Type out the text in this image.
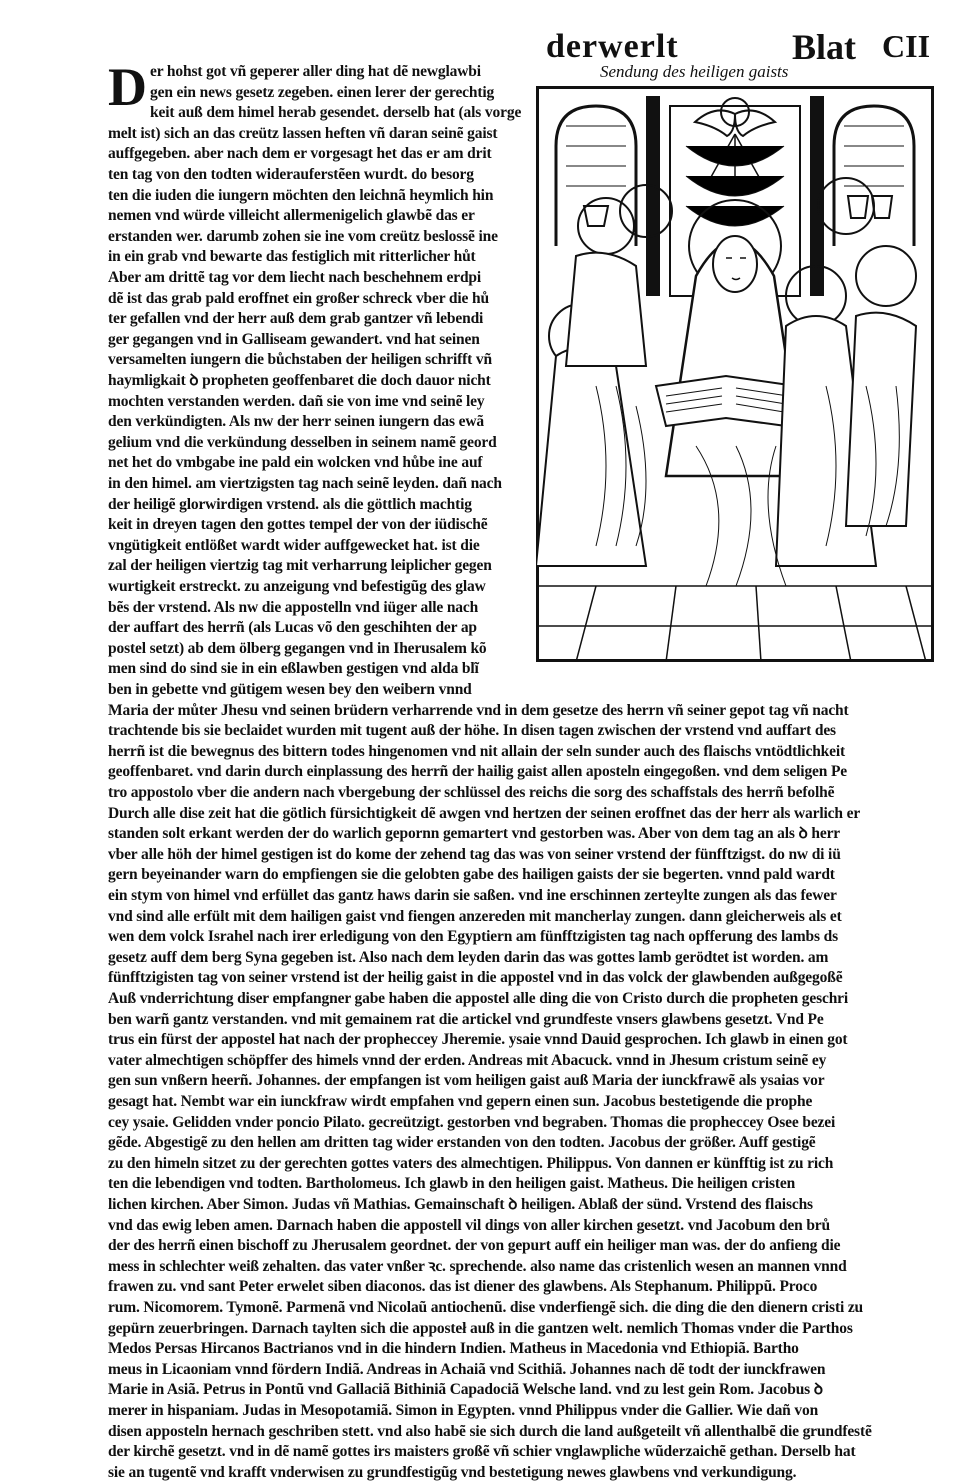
derwerlt	Blat CII
Sendung des heiligen gaists
D er hohst got vñ geperer aller ding hat dẽ newglawbi
gen ein news gesetz zegeben. einen lerer der gerechtig
keit auß dem himel herab gesendet. derselb hat (als vorge
melt ist) sich an das creütz lassen heften vñ daran seinẽ gaist
auffgegeben. aber nach dem er vorgesagt het das er am drit
ten tag von den todten widerauferstẽen wurdt. do besorg
ten die iuden die iungern möchten den leichnã heymlich hin
nemen vnd würde villeicht allermenigelich glawbẽ das er
erstanden wer. darumb zohen sie ine vom creütz beslossẽ ine
in ein grab vnd bewarte das festiglich mit ritterlicher hůt
Aber am drittẽ tag vor dem liecht nach beschehnem erdpi
dẽ ist das grab pald eroffnet ein großer schreck vber die hů
ter gefallen vnd der herr auß dem grab gantzer vñ lebendi
ger gegangen vnd in Galliseam gewandert. vnd hat seinen
versamelten iungern die bůchstaben der heiligen schrifft vñ
haymligkait ꝺ propheten geoffenbaret die doch dauor nicht
mochten verstanden werden. dañ sie von ime vnd seinẽ ley
den verkündigten. Als nw der herr seinen iungern das ewã
gelium vnd die verkündung desselben in seinem namẽ geord
net het do vmbgabe ine pald ein wolcken vnd hůbe ine auf
in den himel. am viertzigsten tag nach seinẽ leyden. dañ nach
der heiligẽ glorwirdigen vrstend. als die göttlich machtig
keit in dreyen tagen den gottes tempel der von der iüdischẽ
vngütigkeit entlößet wardt wider auffgewecket hat. ist die
zal der heiligen viertzig tag mit verharrung leiplicher gegen
wurtigkeit erstreckt. zu anzeigung vnd befestigũg des glaw
bẽs der vrstend. Als nw die appostelln vnd iüger alle nach
der auffart des herrñ (als Lucas võ den geschihten der ap
postel setzt) ab dem ölberg gegangen vnd in Iherusalem kõ
men sind do sind sie in ein eßlawben gestigen vnd alda blĩ
ben in gebette vnd gütigem wesen bey den weibern vnnd
Maria der můter Jhesu vnd seinen brüdern verharrende vnd in dem gesetze des herrn vñ seiner gepot tag vñ nacht
trachtende bis sie beclaidet wurden mit tugent auß der höhe. In disen tagen zwischen der vrstend vnd auffart des
herrñ ist die bewegnus des bittern todes hingenomen vnd nit allain der seln sunder auch des flaischs vntödtlichkeit
geoffenbaret. vnd darin durch einplassung des herrñ der hailig gaist allen aposteln eingegoßen. vnd dem seligen Pe
tro appostolo vber die andern nach vbergebung der schlüssel des reichs die sorg des schaffstals des herrñ befolhẽ
Durch alle dise zeit hat die götlich fürsichtigkeit dẽ awgen vnd hertzen der seinen eroffnet das der herr als warlich er
standen solt erkant werden der do warlich gepornn gemartert vnd gestorben was. Aber von dem tag an als ꝺ herr
vber alle höh der himel gestigen ist do kome der zehend tag das was von seiner vrstend der fünfftzigst. do nw di iü
gern beyeinander warn do empfiengen sie die gelobten gabe des hailigen gaists der sie begerten. vnnd pald wardt
ein stym von himel vnd erfüllet das gantz haws darin sie saßen. vnd ine erschinnen zerteylte zungen als das fewer
vnd sind alle erfült mit dem hailigen gaist vnd fiengen anzereden mit mancherlay zungen. dann gleicherweis als et
wen dem volck Israhel nach irer erledigung von den Egyptiern am fünfftzigisten tag nach opfferung des lambs ds
gesetz auff dem berg Syna gegeben ist. Also nach dem leyden darin das was gottes lamb gerödtet ist worden. am
fünfftzigisten tag von seiner vrstend ist der heilig gaist in die appostel vnd in das volck der glawbenden außgegoßẽ
Auß vnderrichtung diser empfangner gabe haben die appostel alle ding die von Cristo durch die propheten geschri
ben warñ gantz verstanden. vnd mit gemainem rat die artickel vnd grundfeste vnsers glawbens gesetzt. Vnd Pe
trus ein fürst der appostel hat nach der propheccey Jheremie. ysaie vnnd Dauid gesprochen. Ich glawb in einen got
vater almechtigen schöpffer des himels vnnd der erden. Andreas mit Abacuck. vnnd in Jhesum cristum seinẽ ey
gen sun vnßern heerñ. Johannes. der empfangen ist vom heiligen gaist auß Maria der iunckfrawẽ als ysaias vor
gesagt hat. Nembt war ein iunckfraw wirdt empfahen vnd gepern einen sun. Jacobus bestetigende die prophe
cey ysaie. Gelidden vnder poncio Pilato. gecreützigt. gestorben vnd begraben. Thomas die propheccey Osee bezei
gẽde. Abgestigẽ zu den hellen am dritten tag wider erstanden von den todten. Jacobus der größer. Auff gestigẽ
zu den himeln sitzet zu der gerechten gottes vaters des almechtigen. Philippus. Von dannen er künfftig ist zu rich
ten die lebendigen vnd todten. Bartholomeus. Ich glawb in den heiligen gaist. Matheus. Die heiligen cristen
lichen kirchen. Aber Simon. Judas vñ Mathias. Gemainschaft ꝺ heiligen. Ablaß der sünd. Vrstend des flaischs
vnd das ewig leben amen. Darnach haben die appostell vil dings von aller kirchen gesetzt. vnd Jacobum den brů
der des herrñ einen bischoff zu Jherusalem geordnet. der von gepurt auff ein heiliger man was. der do anfieng die
mess in schlechter weiß zehalten. das vater vnßer ꝛc. sprechende. also name das cristenlich wesen an mannen vnnd
frawen zu. vnd sant Peter erwelet siben diaconos. das ist diener des glawbens. Als Stephanum. Philippũ. Proco
rum. Nicomorem. Tymonẽ. Parmenã vnd Nicolaũ antiochenũ. dise vnderfiengẽ sich. die ding die den dienern cristi zu
gepürn zeuerbringen. Darnach taylten sich die apposteł auß in die gantzen welt. nemlich Thomas vnder die Parthos
Medos Persas Hircanos Bactrianos vnd in die hindern Indien. Matheus in Macedonia vnd Ethiopiã. Bartho
meus in Licaoniam vnnd fördern Indiã. Andreas in Achaiã vnd Scithiã. Johannes nach dẽ todt der iunckfrawen
Marie in Asiã. Petrus in Pontũ vnd Gallaciã Bithiniã Capadociã Welsche land. vnd zu lest gein Rom. Jacobus ꝺ
merer in hispaniam. Judas in Mesopotamiã. Simon in Egypten. vnnd Philippus vnder die Gallier. Wie dañ von
disen apposteln hernach geschriben stett. vnd also habẽ sie sich durch die land außgeteilt vñ allenthalbẽ die grundfestẽ
der kirchẽ gesetzt. vnd in dẽ namẽ gottes irs maisters großẽ vñ schier vnglawpliche wũderzaichẽ gethan. Derselb hat
sie an tugentẽ vnd krafft vnderwisen zu grundfestigũg vnd bestetigung newes glawbens vnd verkundigung.
